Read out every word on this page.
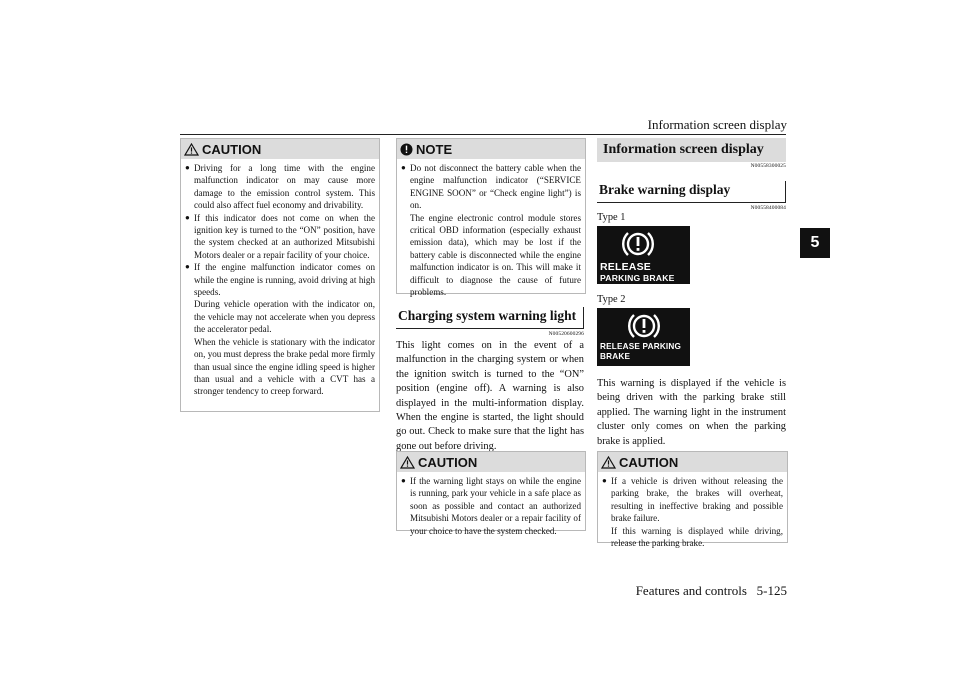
Information screen display
5
CAUTION

● Driving for a long time with the engine malfunction indicator on may cause more damage to the emission control system. This could also affect fuel economy and drivability.

● If this indicator does not come on when the ignition key is turned to the “ON” position, have the system checked at an authorized Mitsubishi Motors dealer or a repair facility of your choice.

● If the engine malfunction indicator comes on while the engine is running, avoid driving at high speeds.

During vehicle operation with the indicator on, the vehicle may not accelerate when you depress the accelerator pedal.

When the vehicle is stationary with the indicator on, you must depress the brake pedal more firmly than usual since the engine idling speed is higher than usual and a vehicle with a CVT has a stronger tendency to creep forward.

NOTE

● Do not disconnect the battery cable when the engine malfunction indicator (“SERVICE ENGINE SOON” or “Check engine light”) is on.

The engine electronic control module stores critical OBD information (especially exhaust emission data), which may be lost if the battery cable is disconnected while the engine malfunction indicator is on. This will make it difficult to diagnose the cause of future problems.

Charging system warning light
N00520600296

This light comes on in the event of a malfunction in the charging system or when the ignition switch is turned to the “ON” position (engine off). A warning is also displayed in the multi-information display. When the engine is started, the light should go out. Check to make sure that the light has gone out before driving.

CAUTION

● If the warning light stays on while the engine is running, park your vehicle in a safe place as soon as possible and contact an authorized Mitsubishi Motors dealer or a repair facility of your choice to have the system checked.

Information screen display
N00558300025
Brake warning display
N00558400084
Type 1
RELEASE
PARKING BRAKE
Type 2
RELEASE PARKING
BRAKE

This warning is displayed if the vehicle is being driven with the parking brake still applied. The warning light in the instrument cluster only comes on when the parking brake is applied.

CAUTION

● If a vehicle is driven without releasing the parking brake, the brakes will overheat, resulting in ineffective braking and possible brake failure.

If this warning is displayed while driving, release the parking brake.

Features and controls 5-125
